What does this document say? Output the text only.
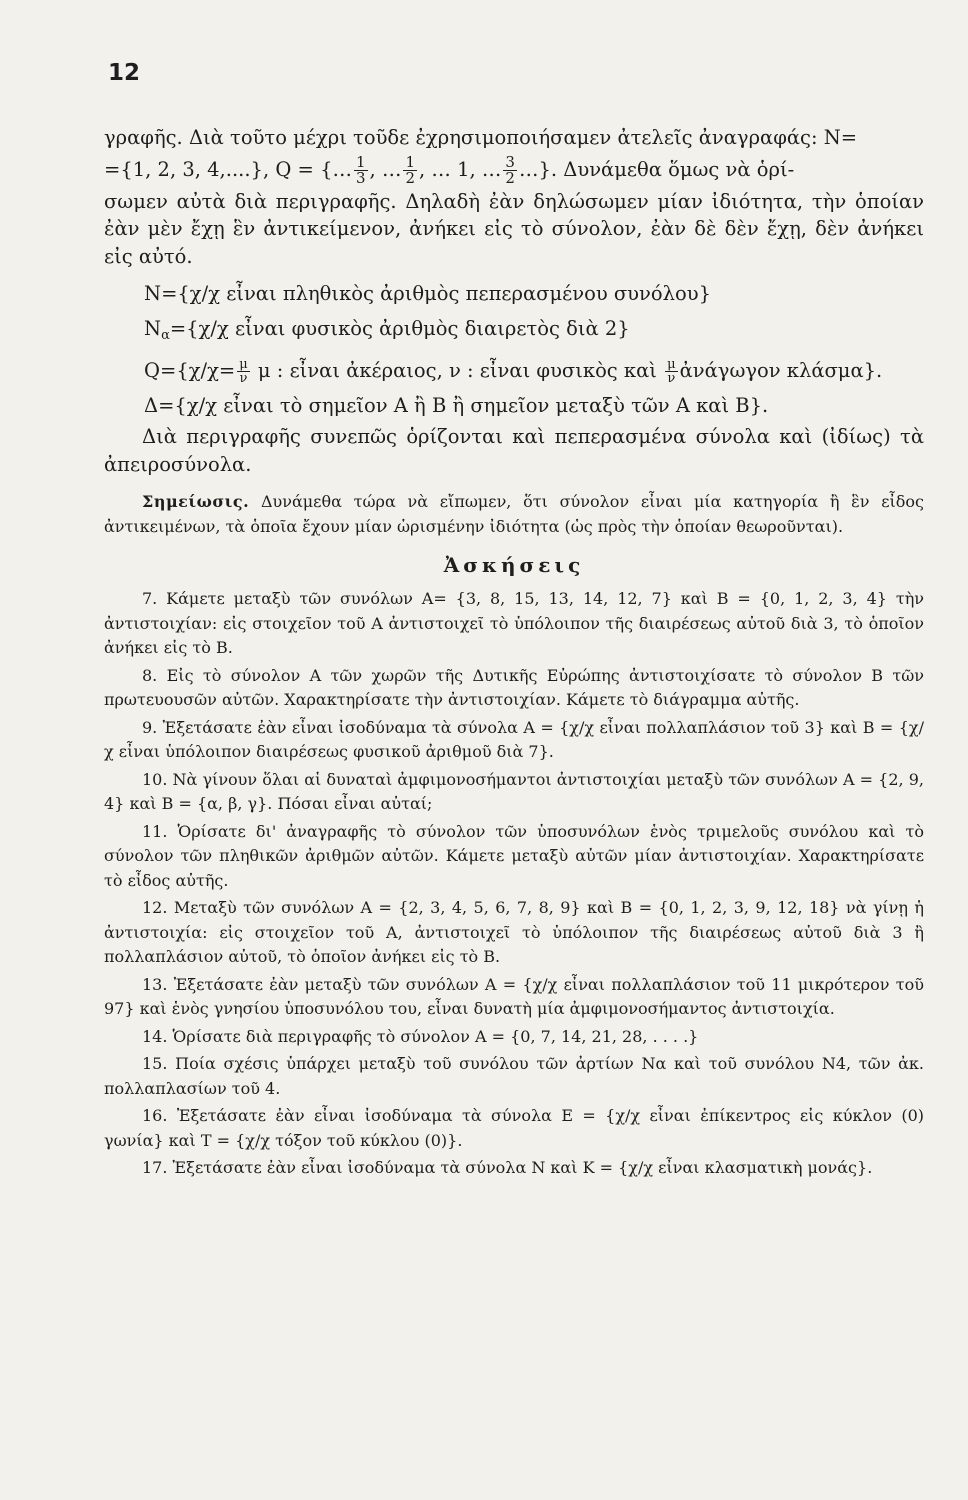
12

γραφῆς. Διὰ τοῦτο μέχρι τοῦδε ἐχρησιμοποιήσαμεν ἀτελεῖς ἀναγραφάς: N=

={1, 2, 3, 4,....}, Q = {… $\frac{1}{3}$ , … $\frac{1}{2}$ , … 1, … $\frac{3}{2}$ …}. Δυνάμεθα ὅμως νὰ ὁρί-

σωμεν αὐτὰ διὰ περιγραφῆς. Δηλαδὴ ἐὰν δηλώσωμεν μίαν ἰδιότητα, τὴν ὁποίαν ἐὰν μὲν ἔχῃ ἓν ἀντικείμενον, ἀνήκει εἰς τὸ σύνολον, ἐὰν δὲ δὲν ἔχῃ, δὲν ἀνήκει εἰς αὐτό.

N={χ/χ εἶναι πληθικὸς ἀριθμὸς πεπερασμένου συνόλου}

$N_\alpha=\{\chi/\chi$ εἶναι φυσικὸς ἀριθμὸς διαιρετὸς διὰ 2}

$Q=\{\chi/\chi= \frac{\mu}{\nu}$ μ : εἶναι ἀκέραιος, ν : εἶναι φυσικὸς καὶ $\frac{\mu}{\nu}$ ἀνάγωγον κλάσμα}.

Δ={χ/χ εἶναι τὸ σημεῖον Α ἢ Β ἢ σημεῖον μεταξὺ τῶν Α καὶ Β}.

Διὰ περιγραφῆς συνεπῶς ὁρίζονται καὶ πεπερασμένα σύνολα καὶ (ἰδίως) τὰ ἀπειροσύνολα.

Σημείωσις. Δυνάμεθα τώρα νὰ εἴπωμεν, ὅτι σύνολον εἶναι μία κατηγορία ἢ ἓν εἶδος ἀντικειμένων, τὰ ὁποῖα ἔχουν μίαν ὡρισμένην ἰδιότητα (ὡς πρὸς τὴν ὁποίαν θεωροῦνται).

Ἀσκήσεις

7. Κάμετε μεταξὺ τῶν συνόλων A= {3, 8, 15, 13, 14, 12, 7} καὶ B = {0, 1, 2, 3, 4} τὴν ἀντιστοιχίαν: εἰς στοιχεῖον τοῦ Α ἀντιστοιχεῖ τὸ ὑπόλοιπον τῆς διαιρέσεως αὐτοῦ διὰ 3, τὸ ὁποῖον ἀνήκει εἰς τὸ Β.

8. Εἰς τὸ σύνολον Α τῶν χωρῶν τῆς Δυτικῆς Εὐρώπης ἀντιστοιχίσατε τὸ σύνολον Β τῶν πρωτευουσῶν αὐτῶν. Χαρακτηρίσατε τὴν ἀντιστοιχίαν. Κάμετε τὸ διάγραμμα αὐτῆς.

9. Ἐξετάσατε ἐὰν εἶναι ἰσοδύναμα τὰ σύνολα A = {χ/χ εἶναι πολλαπλάσιον τοῦ 3} καὶ B = {χ/χ εἶναι ὑπόλοιπον διαιρέσεως φυσικοῦ ἀριθμοῦ διὰ 7}.

10. Νὰ γίνουν ὅλαι αἱ δυναταὶ ἀμφιμονοσήμαντοι ἀντιστοιχίαι μεταξὺ τῶν συνόλων A = {2, 9, 4} καὶ B = {α, β, γ}. Πόσαι εἶναι αὐταί;

11. Ὁρίσατε δι' ἀναγραφῆς τὸ σύνολον τῶν ὑποσυνόλων ἑνὸς τριμελοῦς συνόλου καὶ τὸ σύνολον τῶν πληθικῶν ἀριθμῶν αὐτῶν. Κάμετε μεταξὺ αὐτῶν μίαν ἀντιστοιχίαν. Χαρακτηρίσατε τὸ εἶδος αὐτῆς.

12. Μεταξὺ τῶν συνόλων A = {2, 3, 4, 5, 6, 7, 8, 9} καὶ B = {0, 1, 2, 3, 9, 12, 18} νὰ γίνῃ ἡ ἀντιστοιχία: εἰς στοιχεῖον τοῦ Α, ἀντιστοιχεῖ τὸ ὑπόλοιπον τῆς διαιρέσεως αὐτοῦ διὰ 3 ἢ πολλαπλάσιον αὐτοῦ, τὸ ὁποῖον ἀνήκει εἰς τὸ Β.

13. Ἐξετάσατε ἐὰν μεταξὺ τῶν συνόλων A = {χ/χ εἶναι πολλαπλάσιον τοῦ 11 μικρότερον τοῦ 97} καὶ ἑνὸς γνησίου ὑποσυνόλου του, εἶναι δυνατὴ μία ἀμφιμονοσήμαντος ἀντιστοιχία.

14. Ὁρίσατε διὰ περιγραφῆς τὸ σύνολον A = {0, 7, 14, 21, 28, . . . .}

15. Ποία σχέσις ὑπάρχει μεταξὺ τοῦ συνόλου τῶν ἀρτίων Nα καὶ τοῦ συνόλου N4, τῶν ἀκ. πολλαπλασίων τοῦ 4.

16. Ἐξετάσατε ἐὰν εἶναι ἰσοδύναμα τὰ σύνολα E = {χ/χ εἶναι ἐπίκεντρος εἰς κύκλον (0) γωνία} καὶ T = {χ/χ τόξον τοῦ κύκλου (0)}.

17. Ἐξετάσατε ἐὰν εἶναι ἰσοδύναμα τὰ σύνολα N καὶ K = {χ/χ εἶναι κλασματικὴ μονάς}.
